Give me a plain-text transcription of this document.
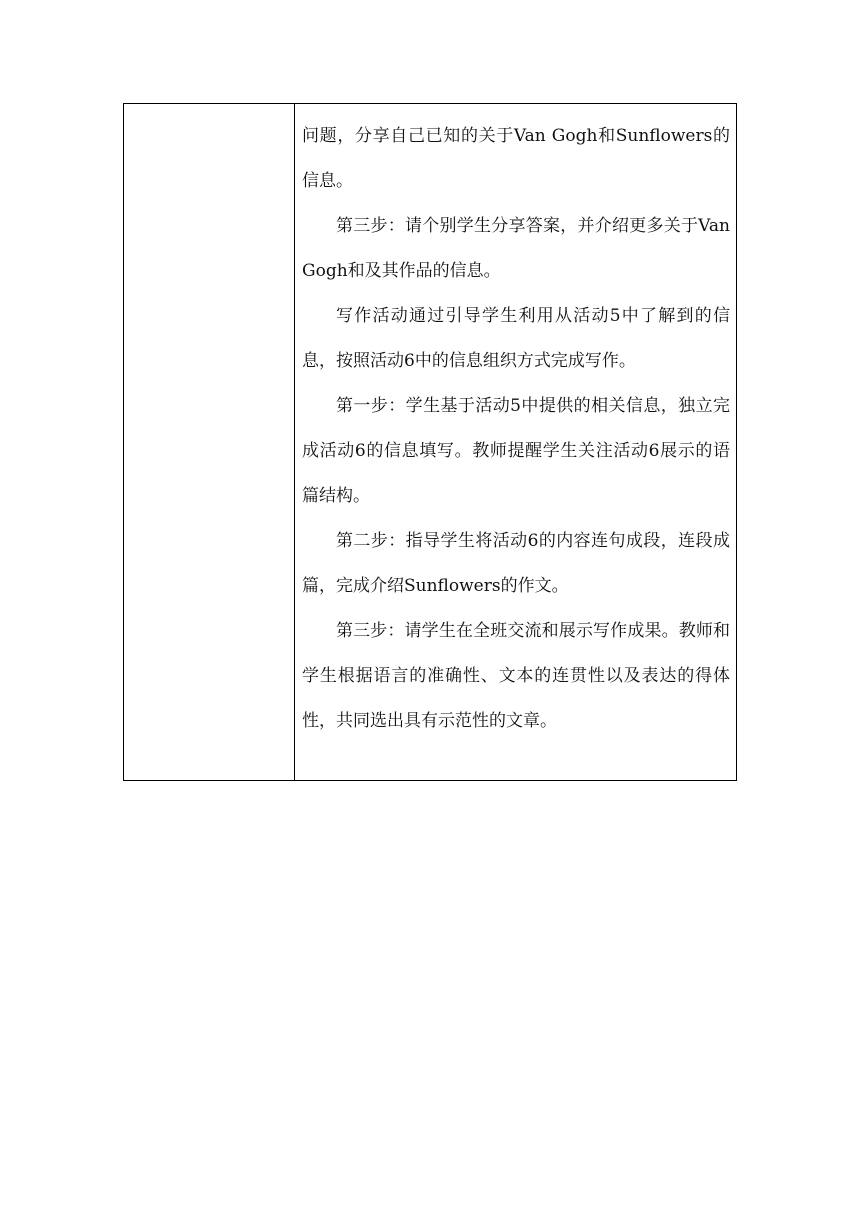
问题，分享自己已知的关于Van Gogh和Sunflowers的信息。

第三步：请个别学生分享答案，并介绍更多关于Van Gogh和及其作品的信息。

写作活动通过引导学生利用从活动5中了解到的信息，按照活动6中的信息组织方式完成写作。

第一步：学生基于活动5中提供的相关信息，独立完成活动6的信息填写。教师提醒学生关注活动6展示的语篇结构。

第二步：指导学生将活动6的内容连句成段，连段成篇，完成介绍Sunflowers的作文。

第三步：请学生在全班交流和展示写作成果。教师和学生根据语言的准确性、文本的连贯性以及表达的得体性，共同选出具有示范性的文章。
